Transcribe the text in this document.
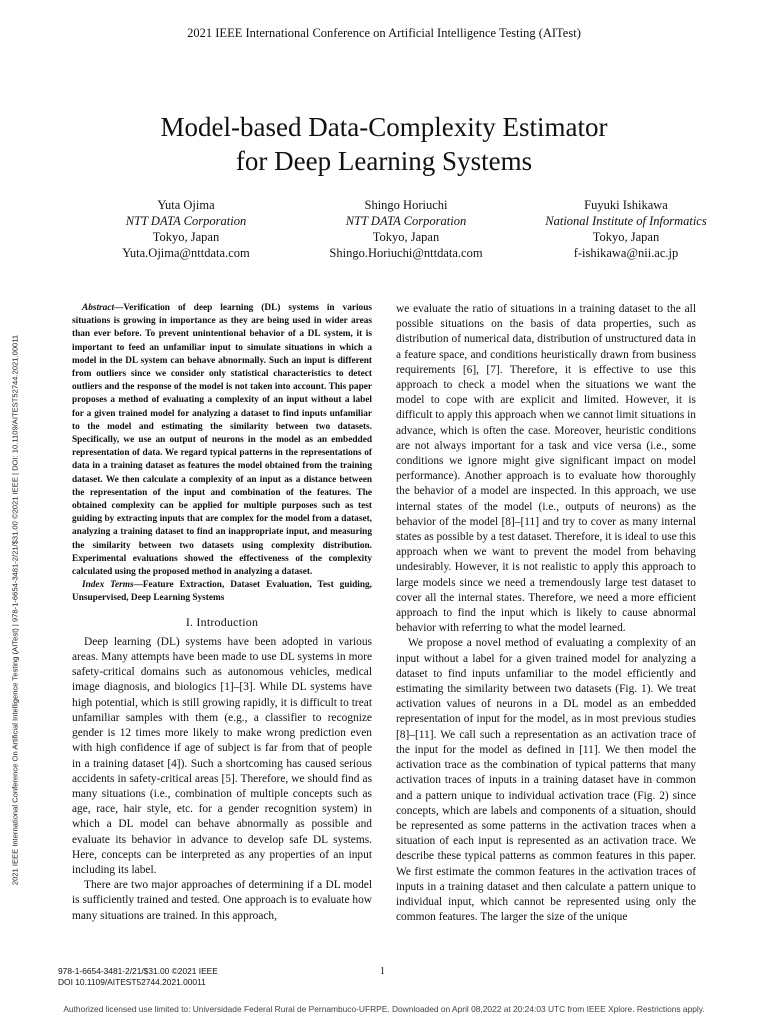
2021 IEEE International Conference on Artificial Intelligence Testing (AITest)
Model-based Data-Complexity Estimator
for Deep Learning Systems
Yuta Ojima
NTT DATA Corporation
Tokyo, Japan
Yuta.Ojima@nttdata.com
Shingo Horiuchi
NTT DATA Corporation
Tokyo, Japan
Shingo.Horiuchi@nttdata.com
Fuyuki Ishikawa
National Institute of Informatics
Tokyo, Japan
f-ishikawa@nii.ac.jp
2021 IEEE International Conference On Artificial Intelligence Testing (AITest) | 978-1-6654-3481-2/21/$31.00 ©2021 IEEE | DOI: 10.1109/AITEST52744.2021.00011

Abstract—Verification of deep learning (DL) systems in various situations is growing in importance as they are being used in wider areas than ever before. To prevent unintentional behavior of a DL system, it is important to feed an unfamiliar input to simulate situations in which a model in the DL system can behave abnormally. Such an input is different from outliers since we consider only statistical characteristics to detect outliers and the response of the model is not taken into account. This paper proposes a method of evaluating a complexity of an input without a label for a given trained model for analyzing a dataset to find inputs unfamiliar to the model and estimating the similarity between two datasets. Specifically, we use an output of neurons in the model as an embedded representation of data. We regard typical patterns in the representations of data in a training dataset as features the model obtained from the training dataset. We then calculate a complexity of an input as a distance between the representation of the input and combination of the features. The obtained complexity can be applied for multiple purposes such as test guiding by extracting inputs that are complex for the model from a dataset, analyzing a training dataset to find an inappropriate input, and measuring the similarity between two datasets using complexity distribution. Experimental evaluations showed the effectiveness of the complexity calculated using the proposed method in analyzing a dataset.

Index Terms—Feature Extraction, Dataset Evaluation, Test guiding, Unsupervised, Deep Learning Systems

I. Introduction

Deep learning (DL) systems have been adopted in various areas. Many attempts have been made to use DL systems in more safety-critical domains such as autonomous vehicles, medical image diagnosis, and biologics [1]–[3]. While DL systems have high potential, which is still growing rapidly, it is difficult to treat unfamiliar samples with them (e.g., a classifier to recognize gender is 12 times more likely to make wrong prediction even with high confidence if age of subject is far from that of people in a training dataset [4]). Such a shortcoming has caused serious accidents in safety-critical areas [5]. Therefore, we should find as many situations (i.e., combination of multiple concepts such as age, race, hair style, etc. for a gender recognition system) in which a DL model can behave abnormally as possible and evaluate its behavior in advance to develop safe DL systems. Here, concepts can be interpreted as any properties of an input including its label.

There are two major approaches of determining if a DL model is sufficiently trained and tested. One approach is to evaluate how many situations are trained. In this approach,

we evaluate the ratio of situations in a training dataset to the all possible situations on the basis of data properties, such as distribution of numerical data, distribution of unstructured data in a feature space, and conditions heuristically drawn from business requirements [6], [7]. Therefore, it is effective to use this approach to check a model when the situations we want the model to cope with are explicit and limited. However, it is difficult to apply this approach when we cannot limit situations in advance, which is often the case. Moreover, heuristic conditions are not always important for a task and vice versa (i.e., some conditions we ignore might give significant impact on model performance). Another approach is to evaluate how thoroughly the behavior of a model are inspected. In this approach, we use internal states of the model (i.e., outputs of neurons) as the behavior of the model [8]–[11] and try to cover as many internal states as possible by a test dataset. Therefore, it is ideal to use this approach when we want to prevent the model from behaving undesirably. However, it is not realistic to apply this approach to large models since we need a tremendously large test dataset to cover all the internal states. Therefore, we need a more efficient approach to find the input which is likely to cause abnormal behavior with referring to what the model learned.

We propose a novel method of evaluating a complexity of an input without a label for a given trained model for analyzing a dataset to find inputs unfamiliar to the model efficiently and estimating the similarity between two datasets (Fig. 1). We treat activation values of neurons in a DL model as an embedded representation of input for the model, as in most previous studies [8]–[11]. We call such a representation as an activation trace of the input for the model as defined in [11]. We then model the activation trace as the combination of typical patterns that many activation traces of inputs in a training dataset have in common and a pattern unique to individual activation trace (Fig. 2) since concepts, which are labels and components of a situation, should be represented as some patterns in the activation traces when a situation of each input is represented as an activation trace. We describe these typical patterns as common features in this paper. We first estimate the common features in the activation traces of inputs in a training dataset and then calculate a pattern unique to individual input, which cannot be represented using only the common features. The larger the size of the unique

978-1-6654-3481-2/21/$31.00 ©2021 IEEE
DOI 10.1109/AITEST52744.2021.00011
1
Authorized licensed use limited to: Universidade Federal Rural de Pernambuco-UFRPE. Downloaded on April 08,2022 at 20:24:03 UTC from IEEE Xplore. Restrictions apply.
